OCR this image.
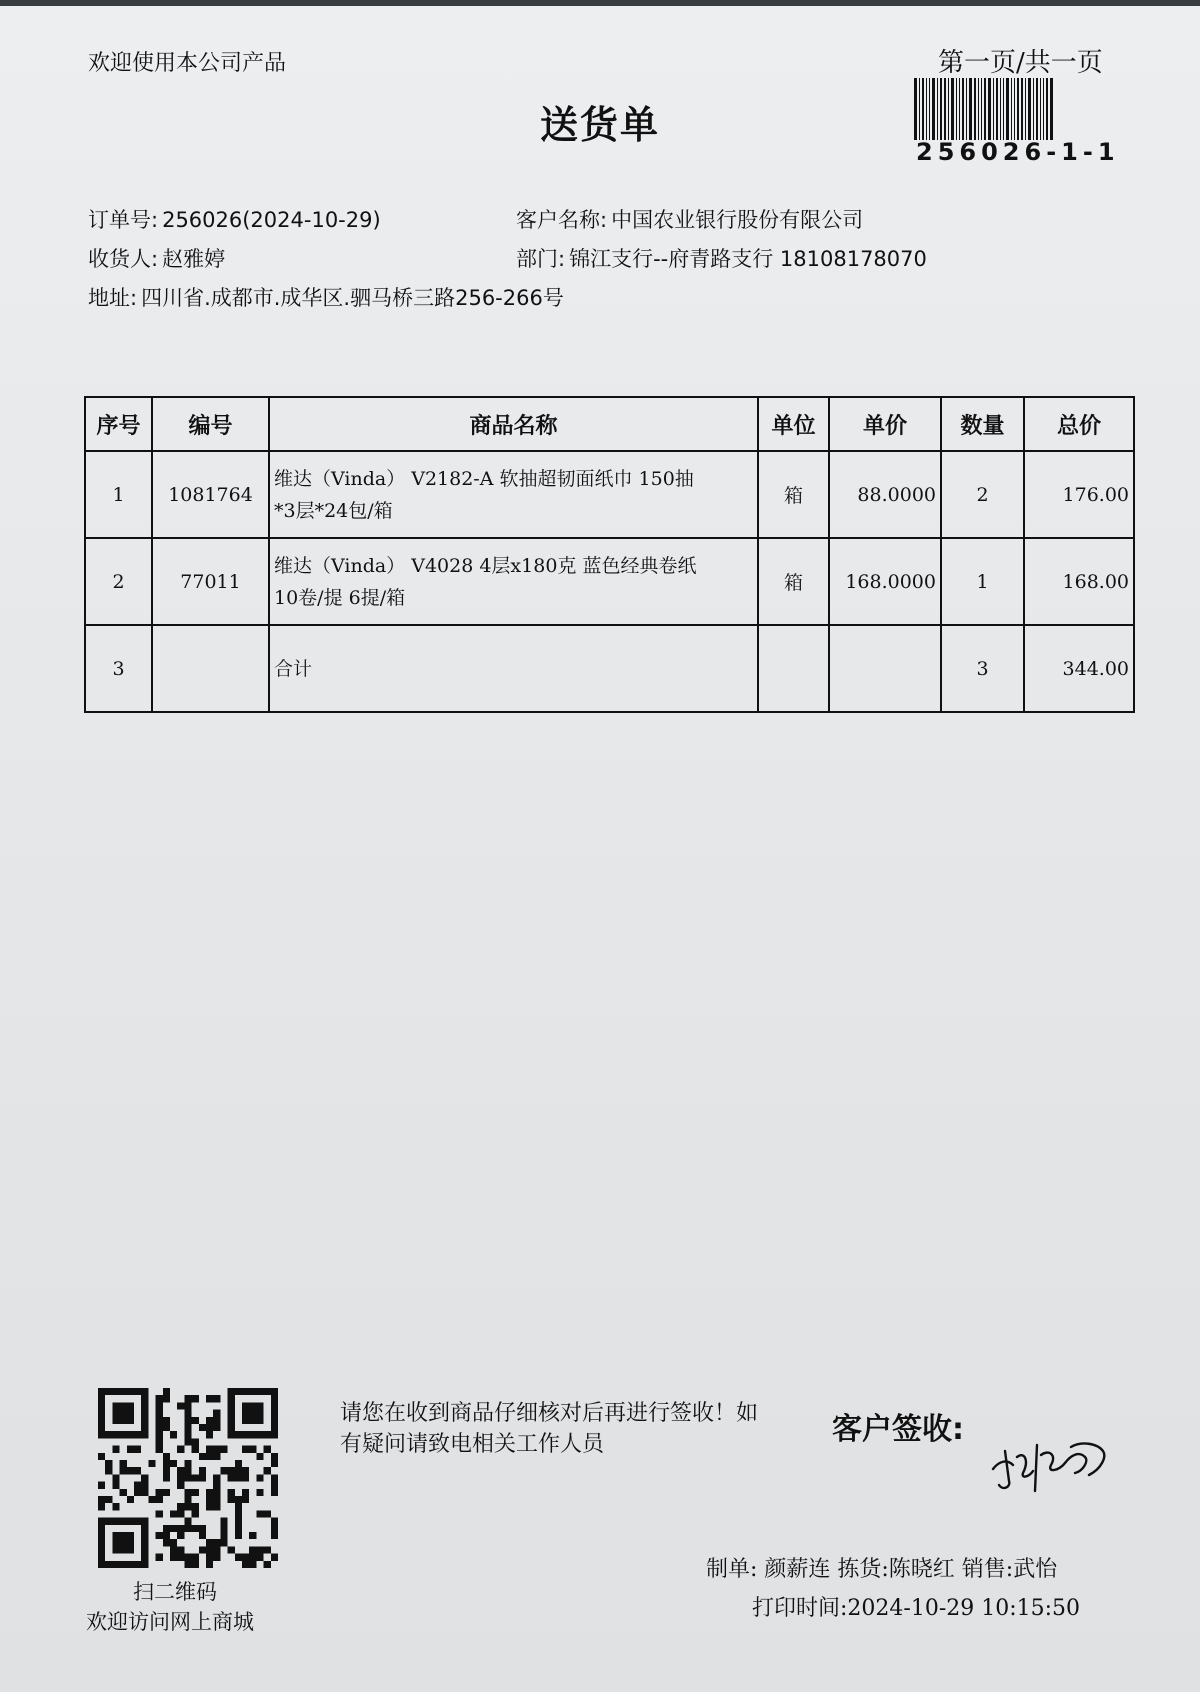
欢迎使用本公司产品	第一页/共一页
256026-1-1
送货单
订单号: 256026(2024-10-29)	客户名称: 中国农业银行股份有限公司
收货人: 赵雅婷	部门: 锦江支行--府青路支行 18108178070
地址: 四川省.成都市.成华区.驷马桥三路256-266号
序号	编号	商品名称	单位	单价	数量	总价
1	1081764	维达（Vinda） V2182-A 软抽超韧面纸巾 150抽
*3层*24包/箱	箱	88.0000	2	176.00
2	77011	维达（Vinda） V4028 4层x180克 蓝色经典卷纸
10卷/提 6提/箱	箱	168.0000	1	168.00
3		合计			3	344.00
扫二维码
欢迎访问网上商城
请您在收到商品仔细核对后再进行签收！如有疑问请致电相关工作人员	客户签收:
制单: 颜薪连 拣货:陈晓红 销售:武怡
打印时间:2024-10-29 10:15:50
